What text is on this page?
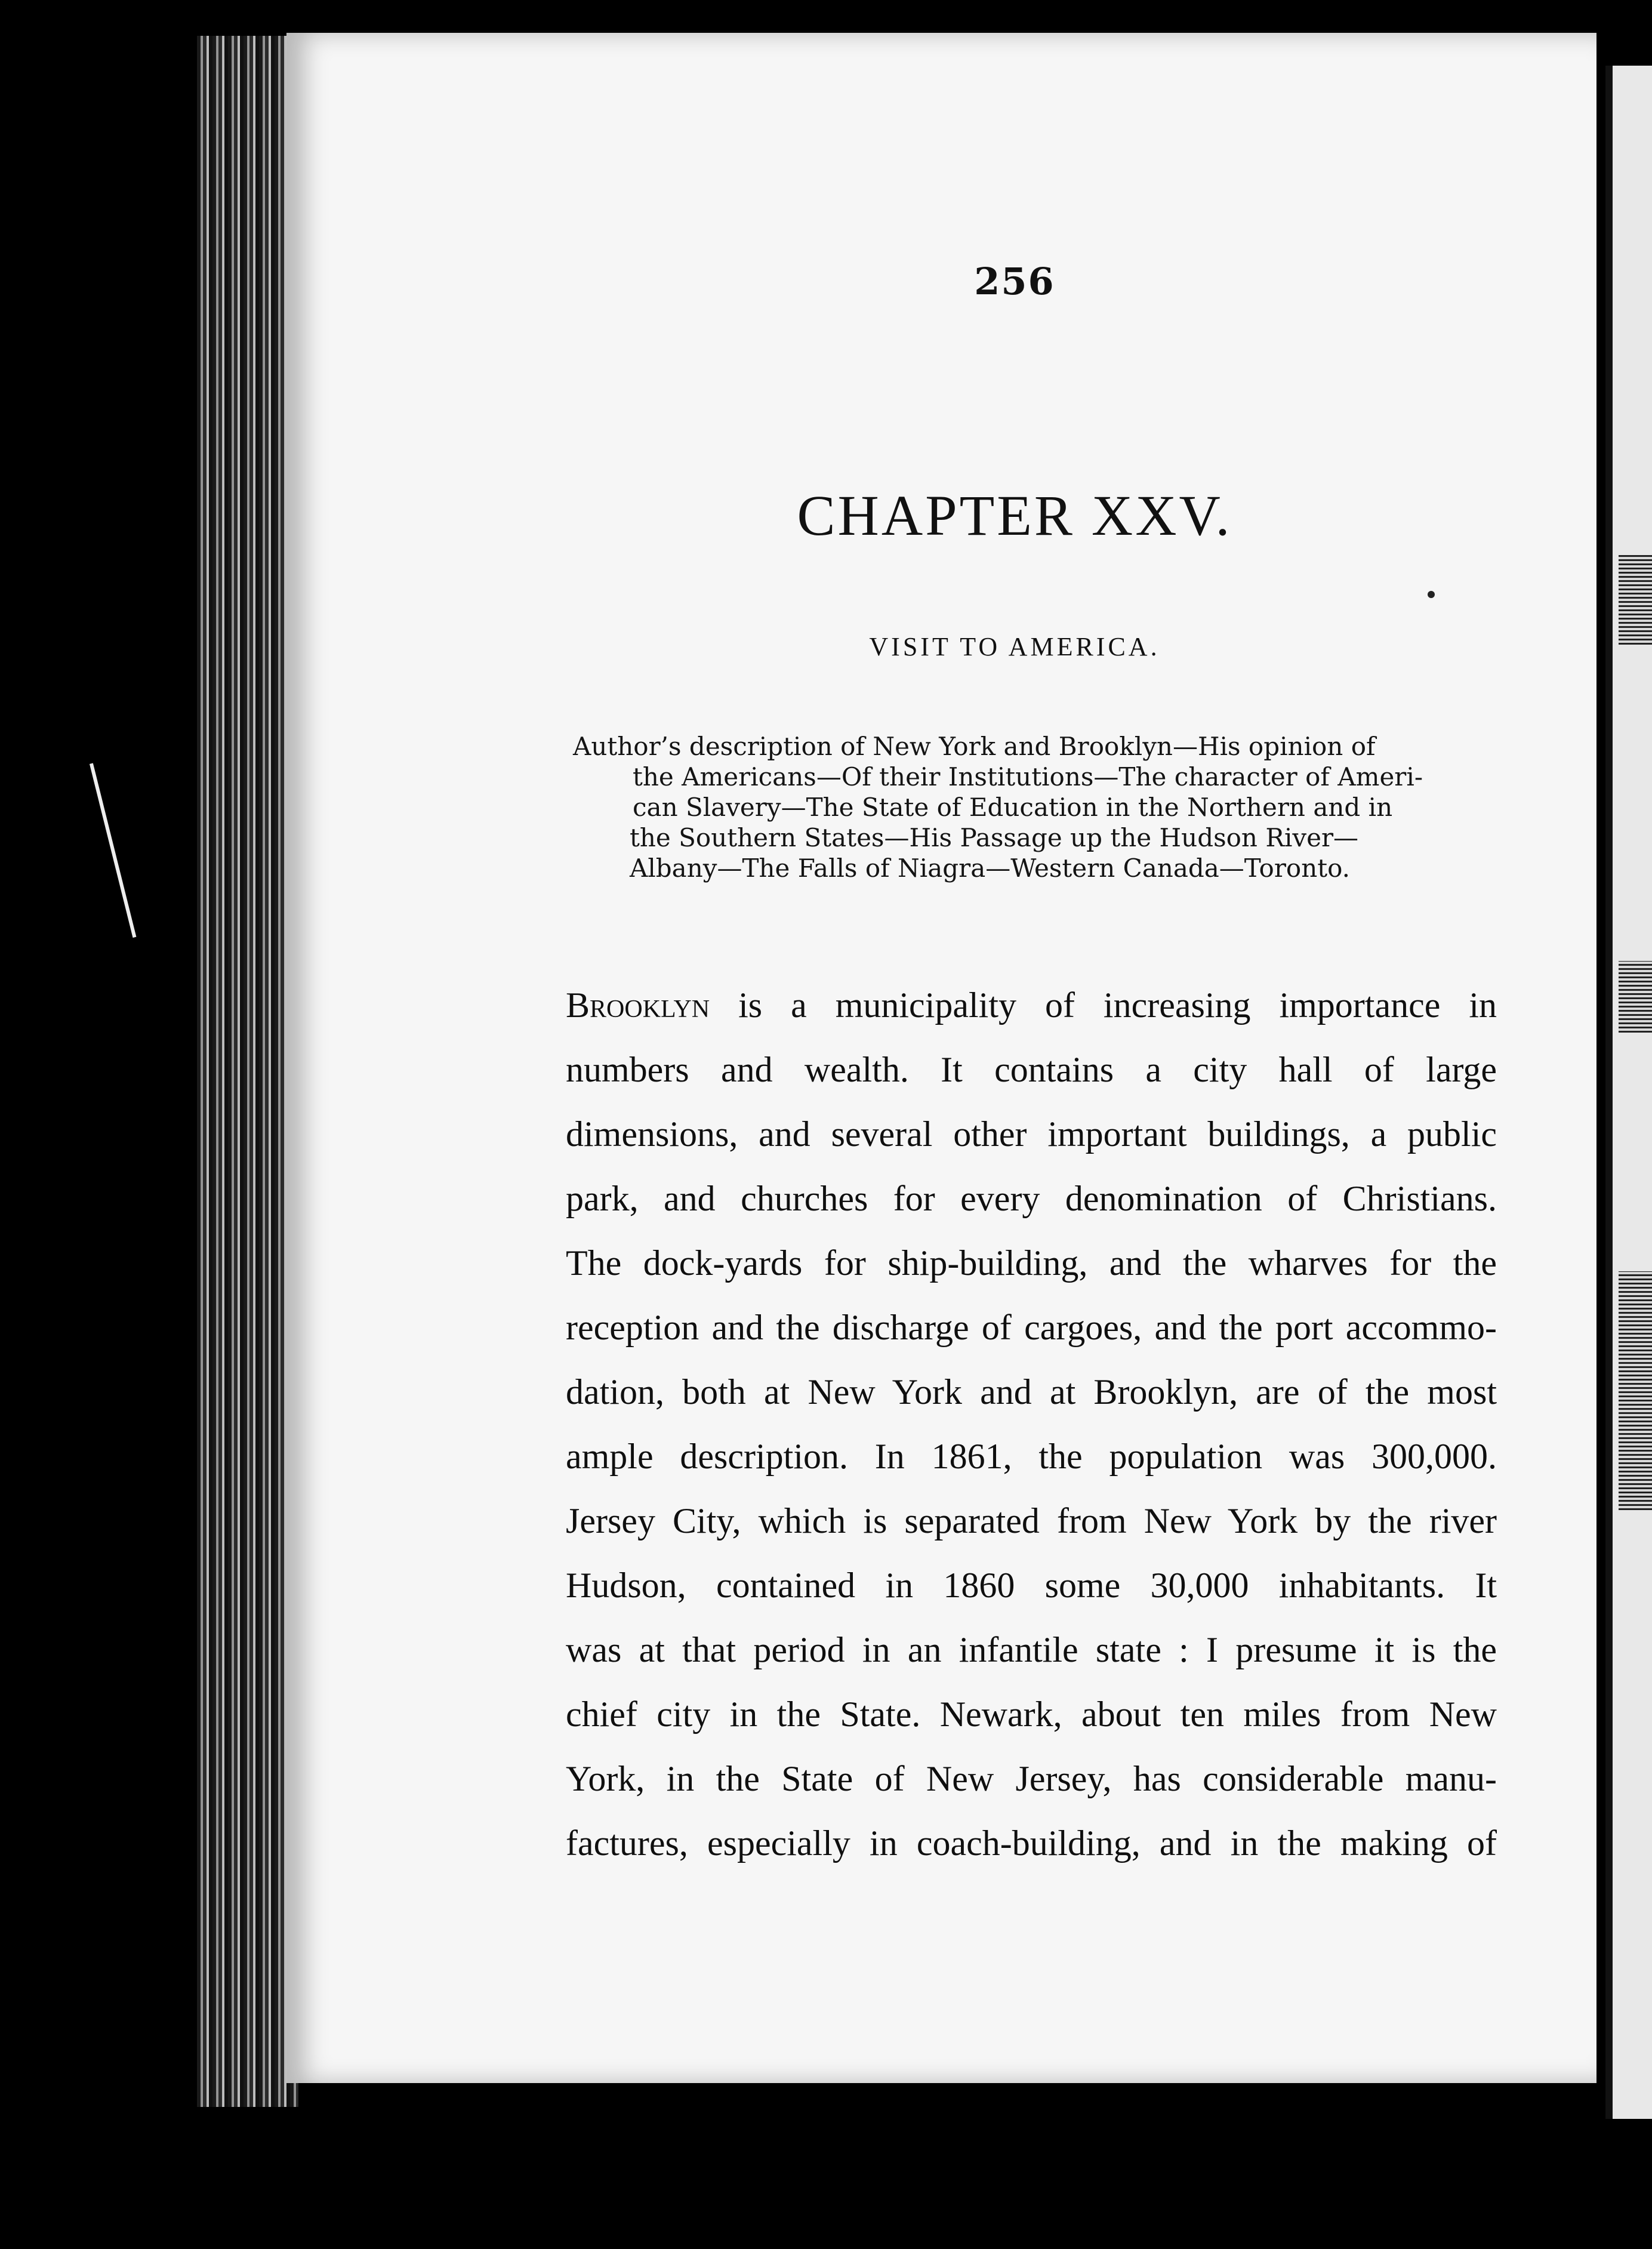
256
CHAPTER XXV.
VISIT TO AMERICA.
Author’s description of New York and Brooklyn—His opinion of
the Americans—Of their Institutions—The character of Ameri-
can Slavery—The State of Education in the Northern and in
the Southern States—His Passage up the Hudson River—
Albany—The Falls of Niagra—Western Canada—Toronto.
Brooklyn is a municipality of increasing importance in
numbers and wealth. It contains a city hall of large
dimensions, and several other important buildings, a public
park, and churches for every denomination of Christians.
The dock-yards for ship-building, and the wharves for the
reception and the discharge of cargoes, and the port accommo-
dation, both at New York and at Brooklyn, are of the most
ample description. In 1861, the population was 300,000.
Jersey City, which is separated from New York by the river
Hudson, contained in 1860 some 30,000 inhabitants. It
was at that period in an infantile state : I presume it is the
chief city in the State. Newark, about ten miles from New
York, in the State of New Jersey, has considerable manu-
factures, especially in coach-building, and in the making of
